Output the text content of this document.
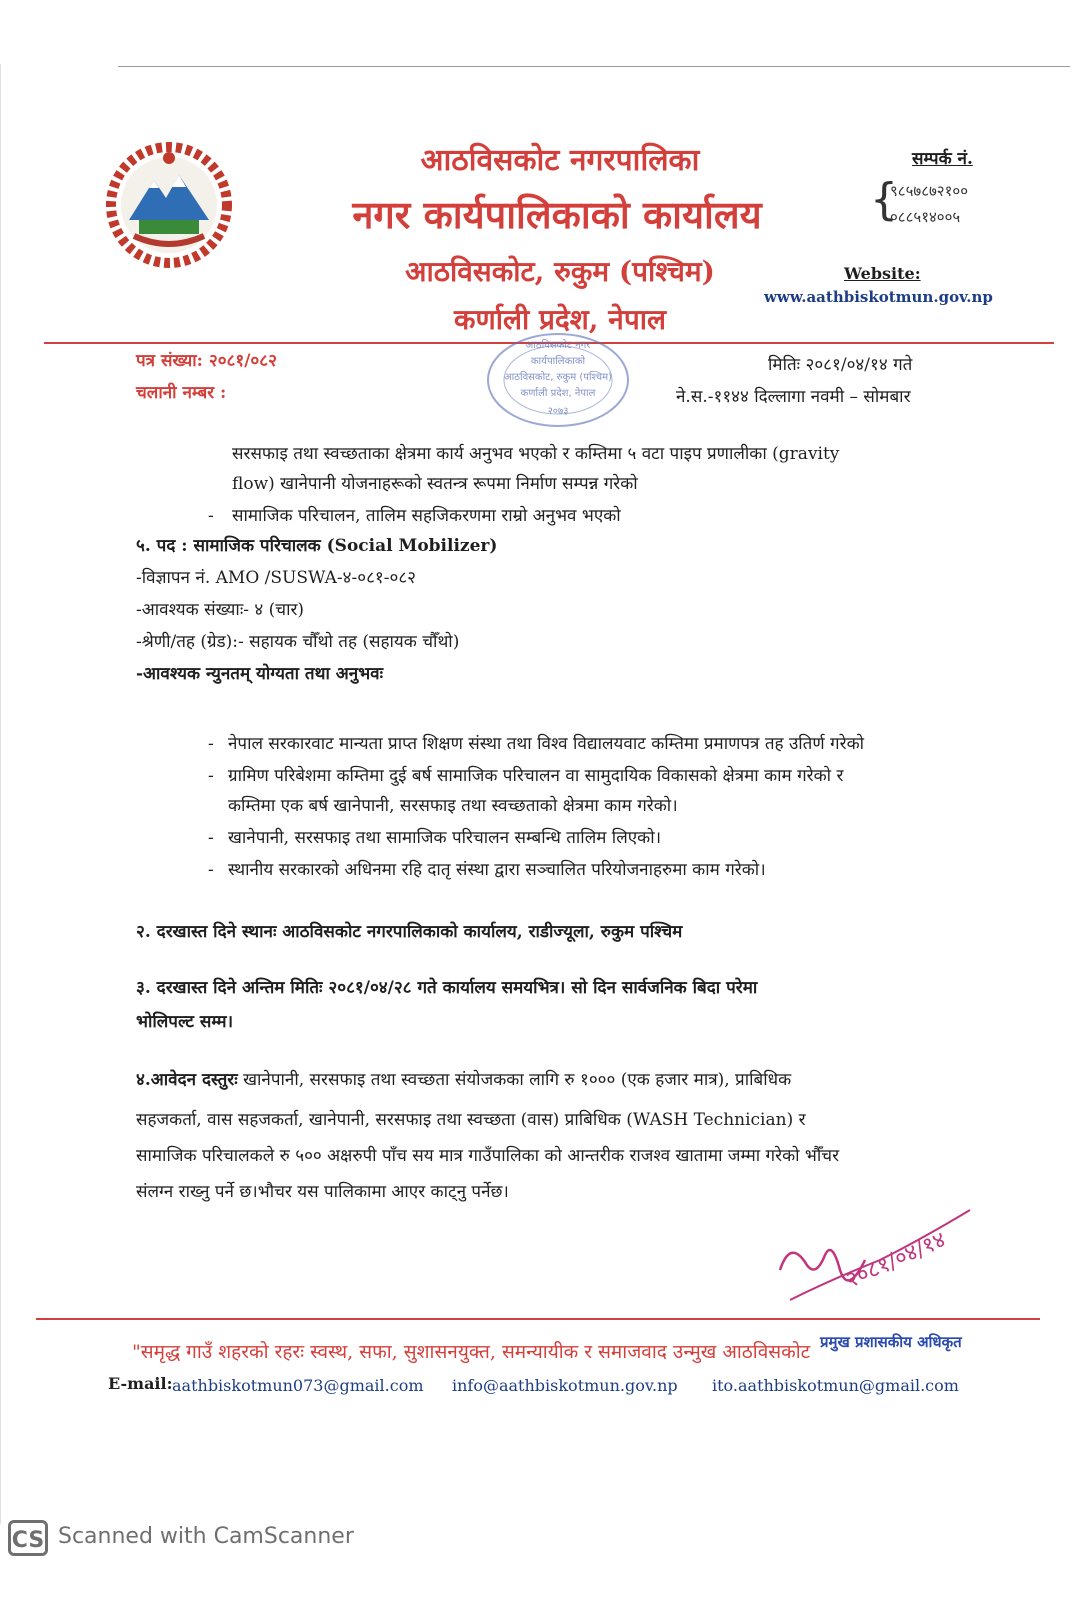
आठविसकोट नगरपालिका
नगर कार्यपालिकाको कार्यालय
आठविसकोट, रुकुम (पश्चिम)
कर्णाली प्रदेश, नेपाल
सम्पर्क नं.
{
९८५७८७२१००
०८८५१४००५
Website:
www.aathbiskotmun.gov.np
पत्र संख्या: २०८१/०८२
चलानी नम्बर :
मितिः २०८१/०४/१४ गते
ने.स.-११४४ दिल्लागा नवमी – सोमबार
आठविसकोट नगर
कार्यपालिकाको
आठविसकोट, रुकुम (पश्चिम)
कर्णाली प्रदेश, नेपाल
२०७३
सरसफाइ तथा स्वच्छताका क्षेत्रमा कार्य अनुभव भएको र कम्तिमा ५ वटा पाइप प्रणालीका (gravity
flow) खानेपानी योजनाहरूको स्वतन्त्र रूपमा निर्माण सम्पन्न गरेको
- सामाजिक परिचालन, तालिम सहजिकरणमा राम्रो अनुभव भएको
५. पद : सामाजिक परिचालक (Social Mobilizer)
-विज्ञापन नं. AMO /SUSWA-४-०८१-०८२
-आवश्यक संख्याः- ४ (चार)
-श्रेणी/तह (ग्रेड):- सहायक चौँथो तह (सहायक चौँथो)
-आवश्यक न्युनतम् योग्यता तथा अनुभवः
- नेपाल सरकारवाट मान्यता प्राप्त शिक्षण संस्था तथा विश्व विद्यालयवाट कम्तिमा प्रमाणपत्र तह उतिर्ण गरेको
- ग्रामिण परिबेशमा कम्तिमा दुई बर्ष सामाजिक परिचालन वा सामुदायिक विकासको क्षेत्रमा काम गरेको र
कम्तिमा एक बर्ष खानेपानी, सरसफाइ तथा स्वच्छताको क्षेत्रमा काम गरेको।
- खानेपानी, सरसफाइ तथा सामाजिक परिचालन सम्बन्धि तालिम लिएको।
- स्थानीय सरकारको अधिनमा रहि दातृ संस्था द्वारा सञ्चालित परियोजनाहरुमा काम गरेको।
२. दरखास्त दिने स्थानः आठविसकोट नगरपालिकाको कार्यालय, राडीज्यूला, रुकुम पश्चिम
३. दरखास्त दिने अन्तिम मितिः २०८१/०४/२८ गते कार्यालय समयभित्र। सो दिन सार्वजनिक बिदा परेमा
भोलिपल्ट सम्म।
४.आवेदन दस्तुरः खानेपानी, सरसफाइ तथा स्वच्छता संयोजकका लागि रु १००० (एक हजार मात्र), प्राबिधिक
सहजकर्ता, वास सहजकर्ता, खानेपानी, सरसफाइ तथा स्वच्छता (वास) प्राबिधिक (WASH Technician) र
सामाजिक परिचालकले रु ५०० अक्षरुपी पाँच सय मात्र गाउँपालिका को आन्तरीक राजश्व खातामा जम्मा गरेको भौँचर
संलग्न राख्नु पर्ने छ।भौचर यस पालिकामा आएर काट्नु पर्नेछ।
२०८१/०४/१४
"समृद्ध गाउँ शहरको रहरः स्वस्थ, सफा, सुशासनयुक्त, समन्यायीक र समाजवाद उन्मुख आठविसकोट प्रमुख प्रशासकीय अधिकृत
E-mail: aathbiskotmun073@gmail.com info@aathbiskotmun.gov.np ito.aathbiskotmun@gmail.com
CS Scanned with CamScanner
